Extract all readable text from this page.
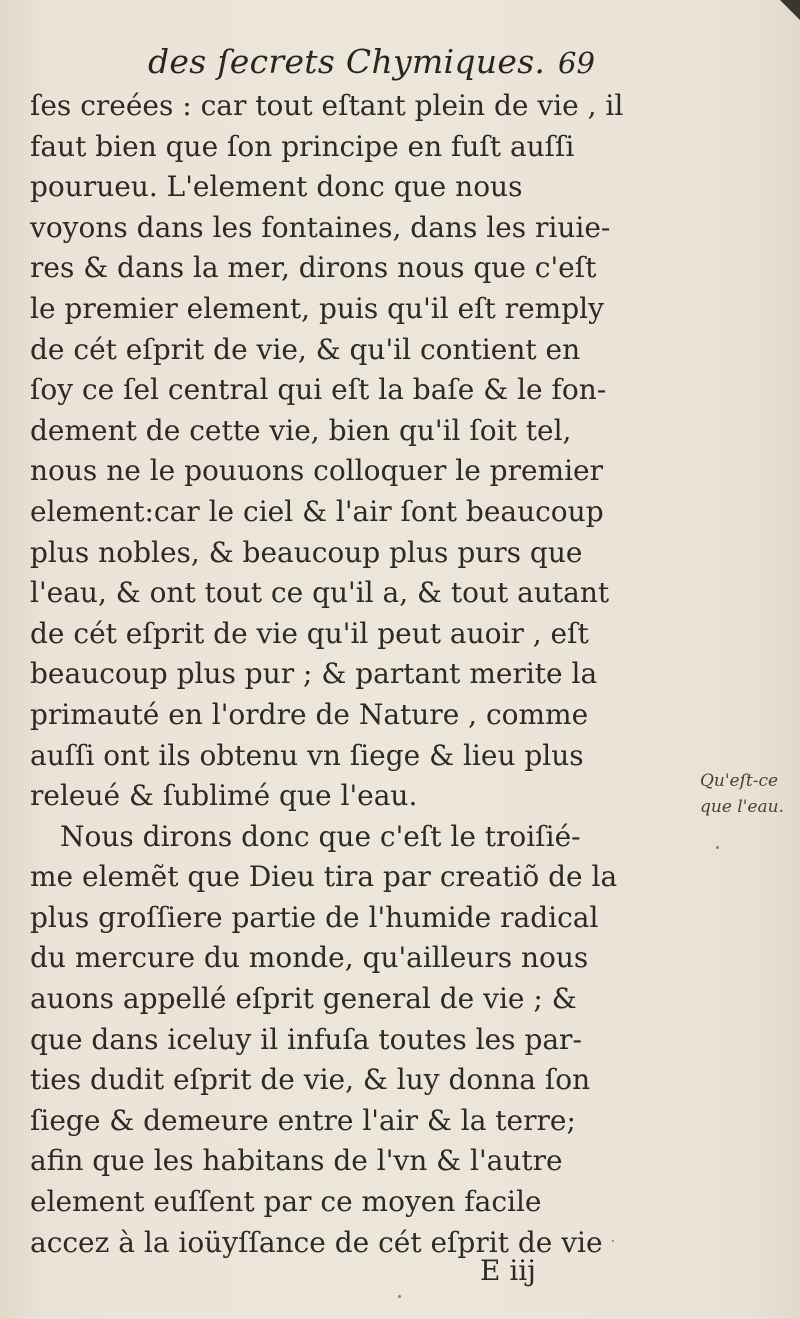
des ſecrets Chymiques. 69
ſes creées : car tout eſtant plein de vie , il
faut bien que ſon principe en fuſt auſſi
pourueu. L'element donc que nous
voyons dans les fontaines, dans les riuie-
res & dans la mer, dirons nous que c'eſt
le premier element, puis qu'il eſt remply
de cét eſprit de vie, & qu'il contient en
ſoy ce ſel central qui eſt la baſe & le fon-
dement de cette vie, bien qu'il ſoit tel,
nous ne le pouuons colloquer le premier
element:car le ciel & l'air ſont beaucoup
plus nobles, & beaucoup plus purs que
l'eau, & ont tout ce qu'il a, & tout autant
de cét eſprit de vie qu'il peut auoir , eſt
beaucoup plus pur ; & partant merite la
primauté en l'ordre de Nature , comme
auſſi ont ils obtenu vn ſiege & lieu plus
releué & ſublimé que l'eau.
Nous dirons donc que c'eſt le troiſié-
me elemẽt que Dieu tira par creatiõ de la
plus groſſiere partie de l'humide radical
du mercure du monde, qu'ailleurs nous
auons appellé eſprit general de vie ; &
que dans iceluy il infuſa toutes les par-
ties dudit eſprit de vie, & luy donna ſon
ſiege & demeure entre l'air & la terre;
afin que les habitans de l'vn & l'autre
element euſſent par ce moyen facile
accez à la ioüyſſance de cét eſprit de vie
Qu'eſt-ce
que l'eau.
E iij
